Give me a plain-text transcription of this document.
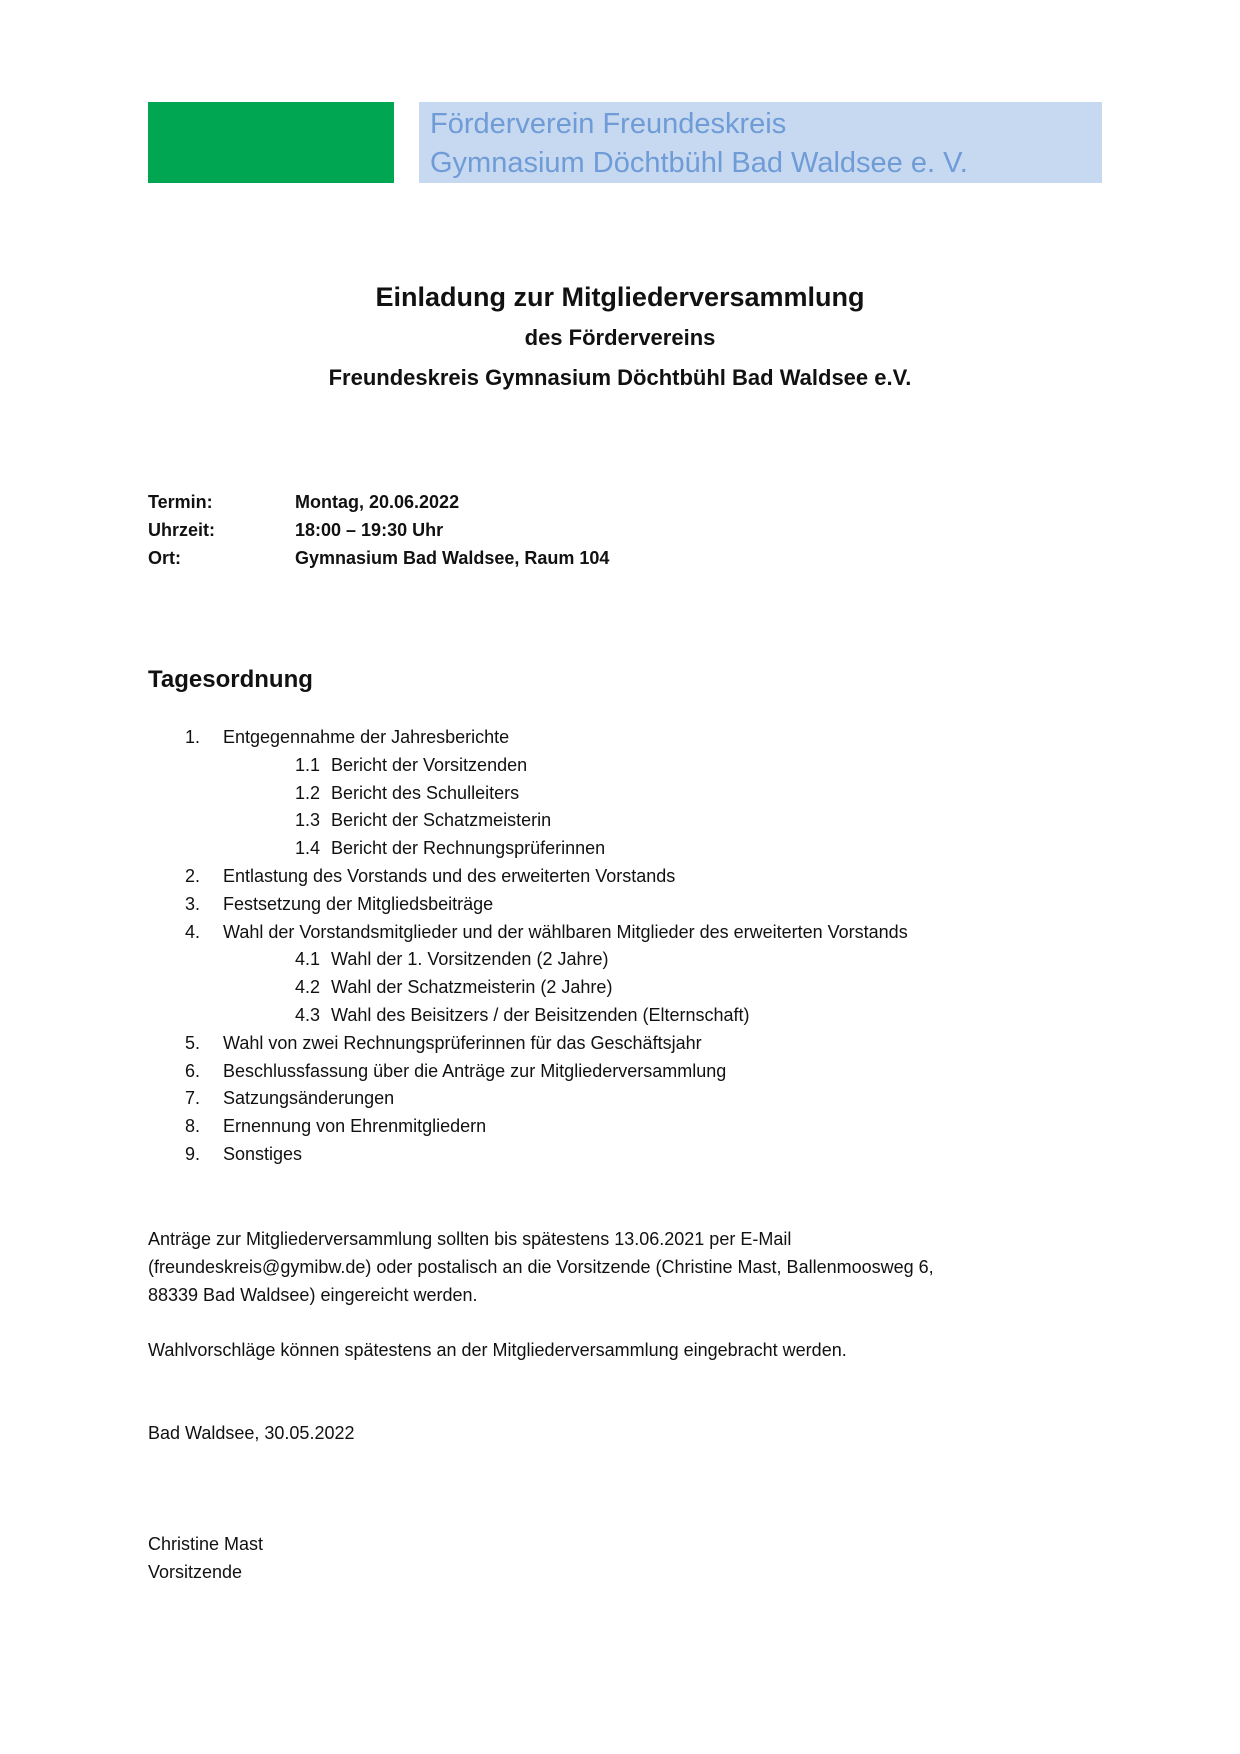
Förderverein Freundeskreis
Gymnasium Döchtbühl Bad Waldsee e. V.
Einladung zur Mitgliederversammlung
des Fördervereins
Freundeskreis Gymnasium Döchtbühl Bad Waldsee e.V.
Termin:	Montag, 20.06.2022
Uhrzeit:	18:00 – 19:30 Uhr
Ort:	Gymnasium Bad Waldsee, Raum 104
Tagesordnung
1.	Entgegennahme der Jahresberichte
1.1 Bericht der Vorsitzenden
1.2 Bericht des Schulleiters
1.3 Bericht der Schatzmeisterin
1.4 Bericht der Rechnungsprüferinnen
2.	Entlastung des Vorstands und des erweiterten Vorstands
3.	Festsetzung der Mitgliedsbeiträge
4.	Wahl der Vorstandsmitglieder und der wählbaren Mitglieder des erweiterten Vorstands
4.1 Wahl der 1. Vorsitzenden (2 Jahre)
4.2 Wahl der Schatzmeisterin (2 Jahre)
4.3 Wahl des Beisitzers / der Beisitzenden (Elternschaft)
5.	Wahl von zwei Rechnungsprüferinnen für das Geschäftsjahr
6.	Beschlussfassung über die Anträge zur Mitgliederversammlung
7.	Satzungsänderungen
8.	Ernennung von Ehrenmitgliedern
9.	Sonstiges
Anträge zur Mitgliederversammlung sollten bis spätestens 13.06.2021 per E-Mail
(freundeskreis@gymibw.de) oder postalisch an die Vorsitzende (Christine Mast, Ballenmoosweg 6,
88339 Bad Waldsee) eingereicht werden.
Wahlvorschläge können spätestens an der Mitgliederversammlung eingebracht werden.
Bad Waldsee, 30.05.2022
Christine Mast
Vorsitzende
